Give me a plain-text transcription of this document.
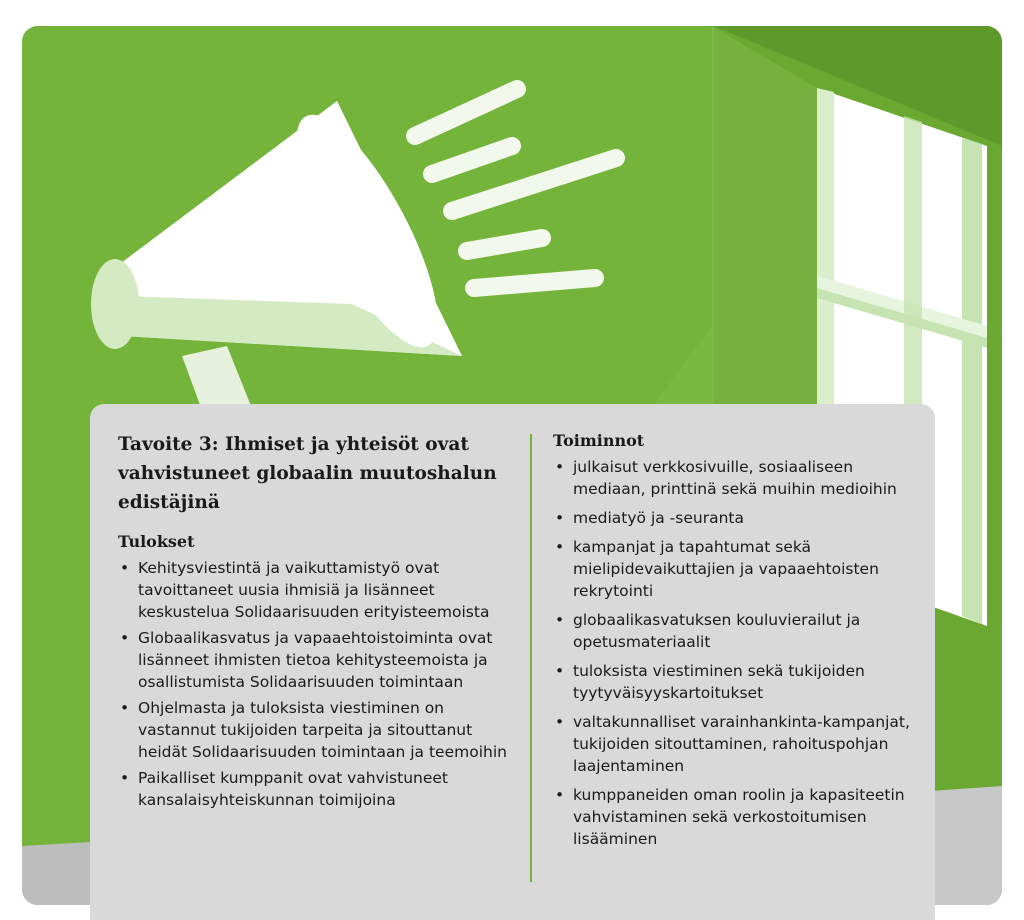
Tavoite 3: Ihmiset ja yhteisöt ovat vahvistuneet globaalin muutoshalun edistäjinä
Tulokset
• Kehitysviestintä ja vaikuttamistyö ovat tavoittaneet uusia ihmisiä ja lisänneet keskustelua Solidaarisuuden erityisteemoista
• Globaalikasvatus ja vapaaehtoistoiminta ovat lisänneet ihmisten tietoa kehitysteemoista ja osallistumista Solidaarisuuden toimintaan
• Ohjelmasta ja tuloksista viestiminen on vastannut tukijoiden tarpeita ja sitouttanut heidät Solidaarisuuden toimintaan ja teemoihin
• Paikalliset kumppanit ovat vahvistuneet kansalaisyhteiskunnan toimijoina
Toiminnot
• julkaisut verkkosivuille, sosiaaliseen mediaan, printtinä sekä muihin medioihin
• mediatyö ja -seuranta
• kampanjat ja tapahtumat sekä mielipidevaikuttajien ja vapaaehtoisten rekrytointi
• globaalikasvatuksen kouluvierailut ja opetusmateriaalit
• tuloksista viestiminen sekä tukijoiden tyytyväisyyskartoitukset
• valtakunnalliset varainhankinta-kampanjat, tukijoiden sitouttaminen, rahoituspohjan laajentaminen
• kumppaneiden oman roolin ja kapasiteetin vahvistaminen sekä verkostoitumisen lisääminen
